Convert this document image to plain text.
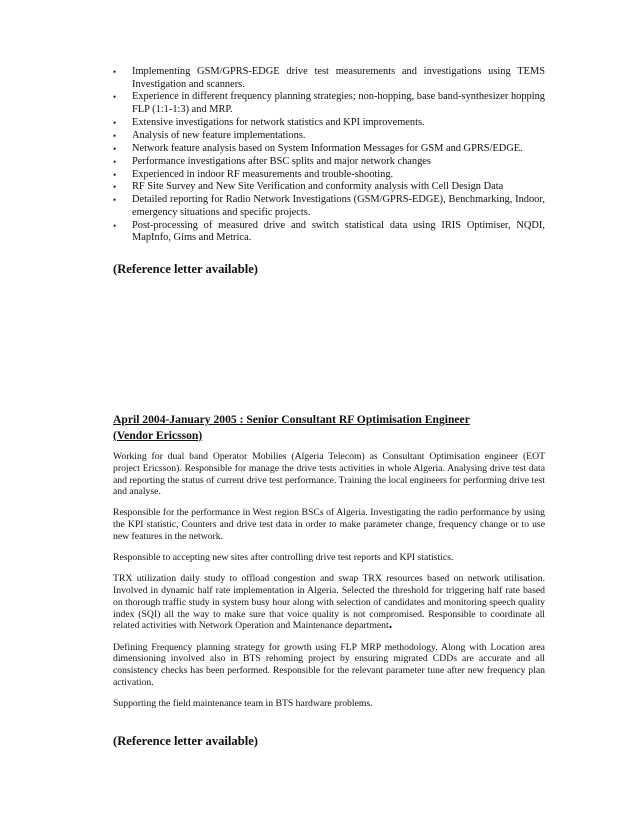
• Implementing GSM/GPRS-EDGE drive test measurements and investigations using TEMS Investigation and scanners.
• Experience in different frequency planning strategies; non-hopping, base band-synthesizer hopping FLP (1:1-1:3) and MRP.
• Extensive investigations for network statistics and KPI improvements.
• Analysis of new feature implementations.
• Network feature analysis based on System Information Messages for GSM and GPRS/EDGE.
• Performance investigations after BSC splits and major network changes
• Experienced in indoor RF measurements and trouble-shooting.
• RF Site Survey and New Site Verification and conformity analysis with Cell Design Data
• Detailed reporting for Radio Network Investigations (GSM/GPRS-EDGE), Benchmarking, Indoor, emergency situations and specific projects.
• Post-processing of measured drive and switch statistical data using IRIS Optimiser, NQDI, MapInfo, Gims and Metrica.

(Reference letter available)

April 2004-January 2005 : Senior Consultant RF Optimisation Engineer
(Vendor Ericsson)

Working for dual band Operator Mobilies (Algeria Telecom) as Consultant Optimisation engineer (EOT project Ericsson). Responsible for manage the drive tests activities in whole Algeria. Analysing drive test data and reporting the status of current drive test performance. Training the local engineers for performing drive test and analyse.

Responsible for the performance in West region BSCs of Algeria. Investigating the radio performance by using the KPI statistic, Counters and drive test data in order to make parameter change, frequency change or to use new features in the network.

Responsible to accepting new sites after controlling drive test reports and KPI statistics.

TRX utilization daily study to offload congestion and swap TRX resources based on network utilisation. Involved in dynamic half rate implementation in Algeria. Selected the threshold for triggering half rate based on thorough traffic study in system busy hour along with selection of candidates and monitoring speech quality index (SQI) all the way to make sure that voice quality is not compromised. Responsible to coordinate all related activities with Network Operation and Maintenance department.

Defining Frequency planning strategy for growth using FLP MRP methodology. Along with Location area dimensioning involved also in BTS rehoming project by ensuring migrated CDDs are accurate and all consistency checks has been performed. Responsible for the relevant parameter tune after new frequency plan activation.

Supporting the field maintenance team in BTS hardware problems.

(Reference letter available)
